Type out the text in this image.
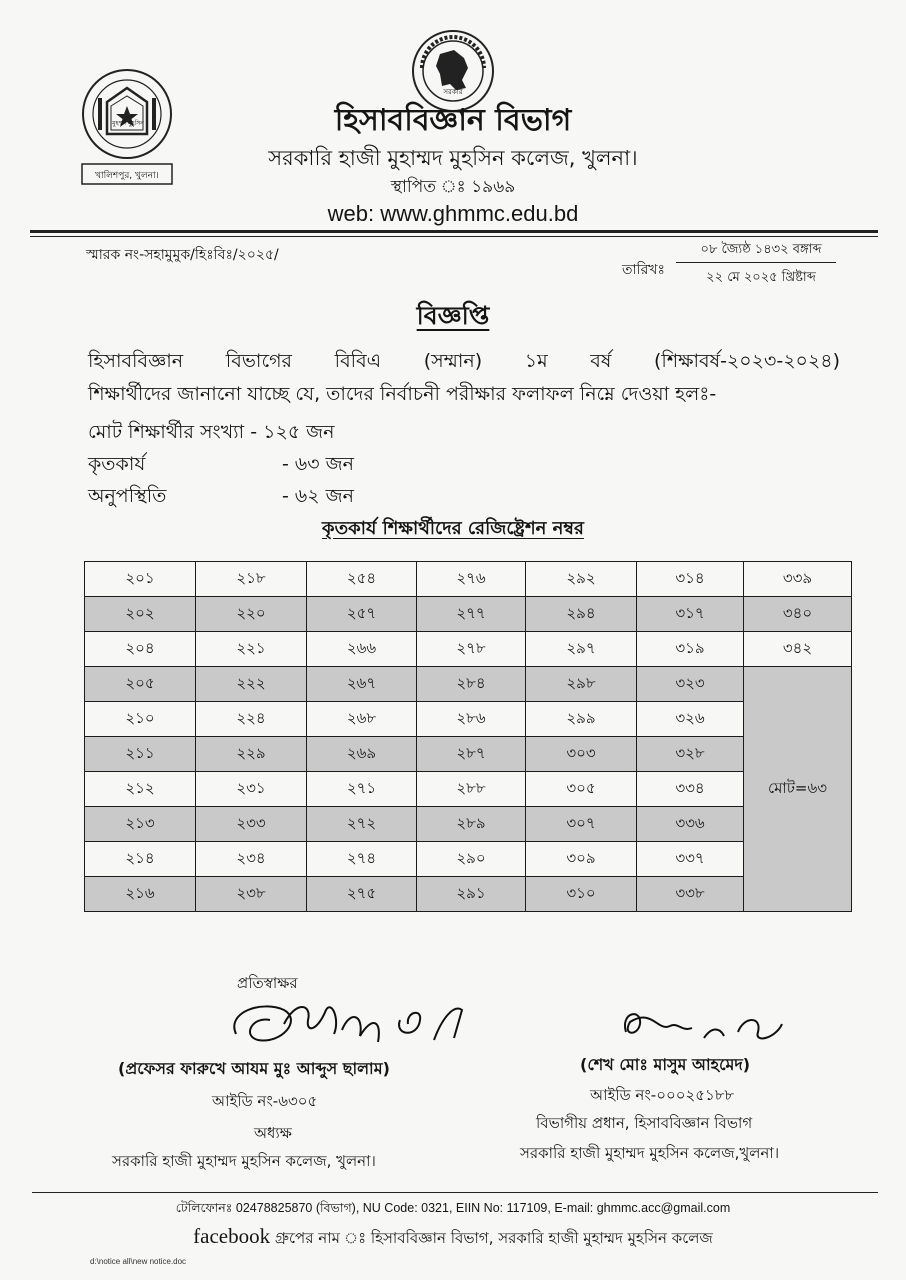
মুহম্মদ মুহসিন
খালিশপুর, খুলনা।
সরকার
হিসাববিজ্ঞান বিভাগ
সরকারি হাজী মুহাম্মদ মুহসিন কলেজ, খুলনা।
স্থাপিত ঃ ১৯৬৯
web: www.ghmmc.edu.bd
স্মারক নং-সহামুমুক/হিঃবিঃ/২০২৫/
তারিখঃ
০৮ জ্যৈষ্ঠ ১৪৩২ বঙ্গাব্দ
২২ মে ২০২৫ খ্রিষ্টাব্দ
বিজ্ঞপ্তি
হিসাববিজ্ঞান বিভাগের বিবিএ (সম্মান) ১ম বর্ষ (শিক্ষাবর্ষ-২০২৩-২০২৪)
শিক্ষার্থীদের জানানো যাচ্ছে যে, তাদের নির্বাচনী পরীক্ষার ফলাফল নিম্নে দেওয়া হলঃ-
মোট শিক্ষার্থীর সংখ্যা - ১২৫ জন
কৃতকার্য	- ৬৩ জন
অনুপস্থিতি	- ৬২ জন
কৃতকার্য শিক্ষার্থীদের রেজিষ্ট্রেশন নম্বর
২০১	২১৮	২৫৪	২৭৬	২৯২	৩১৪	৩৩৯
২০২	২২০	২৫৭	২৭৭	২৯৪	৩১৭	৩৪০
২০৪	২২১	২৬৬	২৭৮	২৯৭	৩১৯	৩৪২
২০৫	২২২	২৬৭	২৮৪	২৯৮	৩২৩	মোট=৬৩
২১০	২২৪	২৬৮	২৮৬	২৯৯	৩২৬	
২১১	২২৯	২৬৯	২৮৭	৩০৩	৩২৮	
২১২	২৩১	২৭১	২৮৮	৩০৫	৩৩৪	
২১৩	২৩৩	২৭২	২৮৯	৩০৭	৩৩৬	
২১৪	২৩৪	২৭৪	২৯০	৩০৯	৩৩৭	
২১৬	২৩৮	২৭৫	২৯১	৩১০	৩৩৮	
প্রতিস্বাক্ষর
(প্রফেসর ফারুখে আযম মুঃ আব্দুস ছালাম)
আইডি নং-৬৩০৫
অধ্যক্ষ
সরকারি হাজী মুহাম্মদ মুহসিন কলেজ, খুলনা।
(শেখ মোঃ মাসুম আহমেদ)
আইডি নং-০০০২৫১৮৮
বিভাগীয় প্রধান, হিসাববিজ্ঞান বিভাগ
সরকারি হাজী মুহাম্মদ মুহসিন কলেজ,খুলনা।
টেলিফোনঃ 02478825870 (বিভাগ), NU Code: 0321, EIIN No: 117109, E-mail: ghmmc.acc@gmail.com
facebook গ্রুপের নাম ঃ হিসাববিজ্ঞান বিভাগ, সরকারি হাজী মুহাম্মদ মুহসিন কলেজ
d:\notice all\new notice.doc
